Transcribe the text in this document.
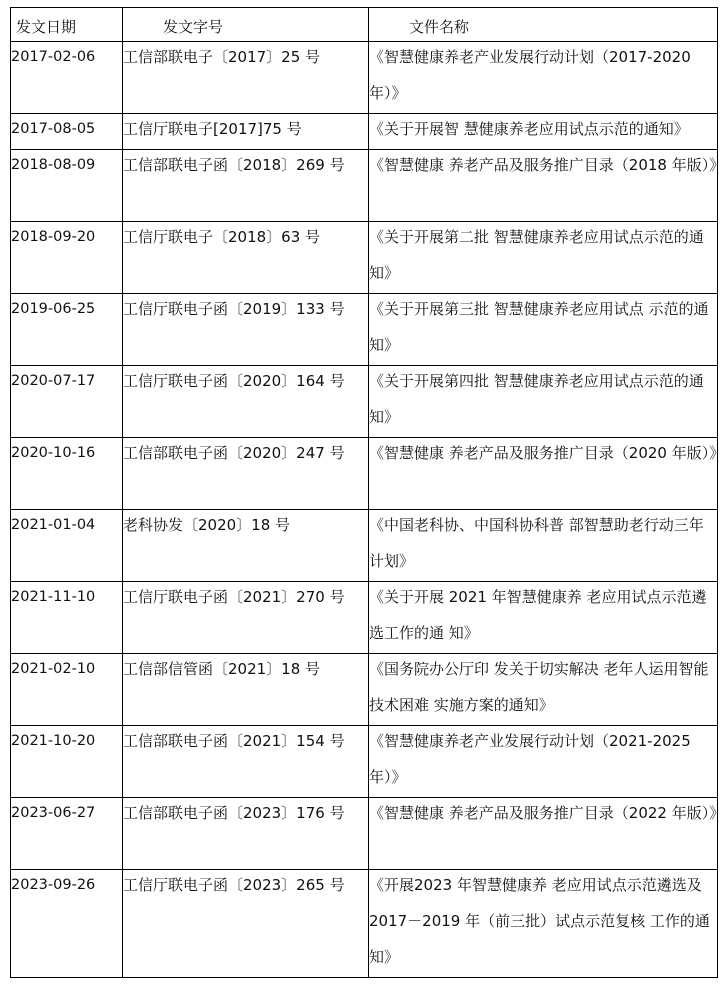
发文日期	发文字号	文件名称

2017-02-06	工信部联电子〔2017〕25 号	《智慧健康养老产业发展行动计划（2017-2020 年）》

2017-08-05	工信厅联电子[2017]75 号	《关于开展智 慧健康养老应用试点示范的通知》

2018-08-09	工信部联电子函〔2018〕269 号	《智慧健康 养老产品及服务推广目录（2018 年版）》

2018-09-20	工信厅联电子〔2018〕63 号	《关于开展第二批 智慧健康养老应用试点示范的通知》

2019-06-25	工信厅联电子函〔2019〕133 号	《关于开展第三批 智慧健康养老应用试点 示范的通知》

2020-07-17	工信厅联电子函〔2020〕164 号	《关于开展第四批 智慧健康养老应用试点示范的通知》

2020-10-16	工信部联电子函〔2020〕247 号	《智慧健康 养老产品及服务推广目录（2020 年版）》

2021-01-04	老科协发〔2020〕18 号	《中国老科协、中国科协科普 部智慧助老行动三年计划》

2021-11-10	工信厅联电子函〔2021〕270 号	《关于开展 2021 年智慧健康养 老应用试点示范遴选工作的通 知》

2021-02-10	工信部信管函〔2021〕18 号	《国务院办公厅印 发关于切实解决 老年人运用智能技术困难 实施方案的通知》

2021-10-20	工信部联电子函〔2021〕154 号	《智慧健康养老产业发展行动计划（2021-2025 年）》

2023-06-27	工信部联电子函〔2023〕176 号	《智慧健康 养老产品及服务推广目录（2022 年版）》

2023-09-26	工信厅联电子函〔2023〕265 号	《开展2023 年智慧健康养 老应用试点示范遴选及 2017－2019 年（前三批）试点示范复核 工作的通知》
